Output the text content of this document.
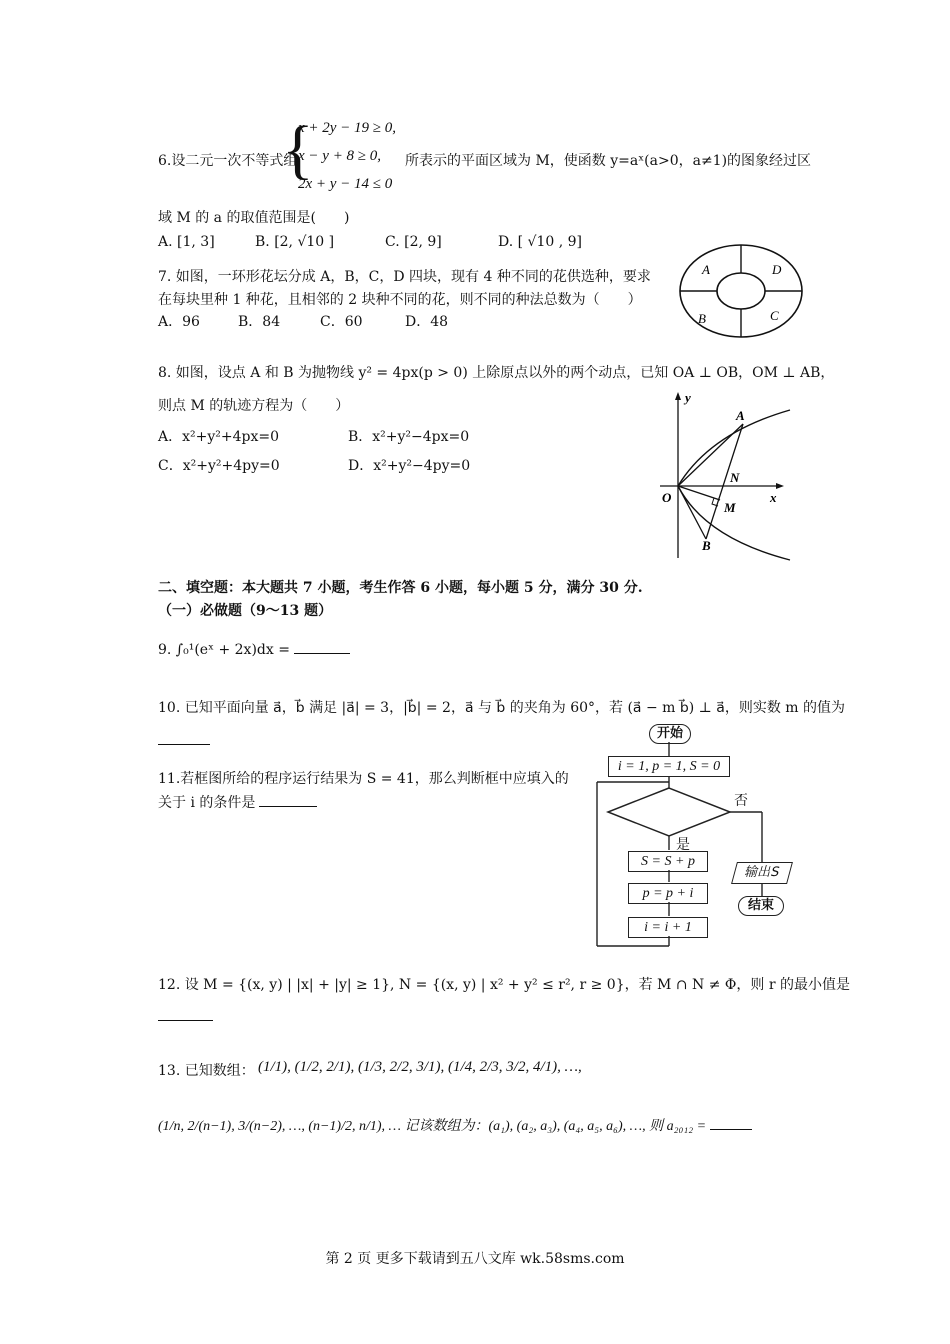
6.设二元一次不等式组
{
x + 2y − 19 ≥ 0,
x − y + 8 ≥ 0,
2x + y − 14 ≤ 0
所表示的平面区域为 M，使函数 y=aˣ(a>0，a≠1)的图象经过区
域 M 的 a 的取值范围是(　　)
A. [1, 3]	B. [2, √10 ]	C. [2, 9]	D. [ √10 , 9]
7. 如图，一环形花坛分成 A，B，C，D 四块，现有 4 种不同的花供选种，要求
在每块里种 1 种花，且相邻的 2 块种不同的花，则不同的种法总数为（　　）
A．96	B．84	C．60	D．48
A	D
B	C
8. 如图，设点 A 和 B 为抛物线 y² = 4px(p > 0) 上除原点以外的两个动点，已知 OA ⊥ OB，OM ⊥ AB，
则点 M 的轨迹方程为（　　）
A．x²+y²+4px=0	B．x²+y²−4px=0
C．x²+y²+4py=0	D．x²+y²−4py=0
y
x
O
A
N
M
B
二、填空题：本大题共 7 小题，考生作答 6 小题，每小题 5 分，满分 30 分.
（一）必做题（9～13 题）
9. ∫₀¹(eˣ + 2x)dx =
10. 已知平面向量 a⃗，b⃗ 满足 |a⃗| = 3，|b⃗| = 2，a⃗ 与 b⃗ 的夹角为 60°，若 (a⃗ − m b⃗) ⊥ a⃗，则实数 m 的值为
11.若框图所给的程序运行结果为 S = 41，那么判断框中应填入的
关于 i 的条件是
开始
i = 1, p = 1, S = 0
否
是
S = S + p
p = p + i
i = i + 1
输出S
结束
12. 设 M = {(x, y) | |x| + |y| ≥ 1}, N = {(x, y) | x² + y² ≤ r², r ≥ 0}，若 M ∩ N ≠ Φ，则 r 的最小值是
13. 已知数组： (1/1), (1/2, 2/1), (1/3, 2/2, 3/1), (1/4, 2/3, 3/2, 4/1), …,
(1/n, 2/(n−1), 3/(n−2), …, (n−1)/2, n/1), … 记该数组为：(a₁), (a₂, a₃), (a₄, a₅, a₆), …, 则 a₂₀₁₂ =
第 2 页 更多下载请到五八文库 wk.58sms.com
